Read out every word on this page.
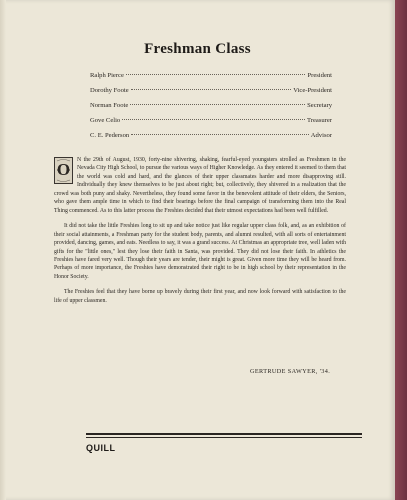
Freshman Class
Ralph Pierce	President
Dorothy Foote	Vice-President
Norman Foote	Secretary
Gove Celio	Treasurer
C. E. Pederson	Advisor

O	N the 29th of August, 1930, forty-nine shivering, shaking, fearful-eyed youngsters strolled as Freshmen in the Nevada City High School, to pursue the various ways of Higher Knowledge. As they entered it seemed to them that the world was cold and hard, and the glances of their upper classmates harder and more disapproving still. Individually they knew themselves to be just about right; but, collectively, they shivered in a realization that the crowd was both puny and shaky. Nevertheless, they found some favor in the benevolent attitude of their elders, the Seniors, who gave them ample time in which to find their bearings before the final campaign of transforming them into the Real Thing commenced. As to this latter process the Freshies decided that their utmost expectations had been well fulfilled.

It did not take the little Freshies long to sit up and take notice just like regular upper class folk, and, as an exhibition of their social attainments, a Freshman party for the student body, parents, and alumni resulted, with all sorts of entertainment provided, dancing, games, and eats. Needless to say, it was a grand success. At Christmas an appropriate tree, well laden with gifts for the "little ones," lest they lose their faith in Santa, was provided. They did not lose their faith. In athletics the Freshies have fared very well. Though their years are tender, their might is great. Given more time they will be heard from. Perhaps of more importance, the Freshies have demonstrated their right to be in high school by their representation in the Honor Society.

The Freshies feel that they have borne up bravely during their first year, and now look forward with satisfaction to the life of upper classmen.

GERTRUDE SAWYER, '34.
QUILL
